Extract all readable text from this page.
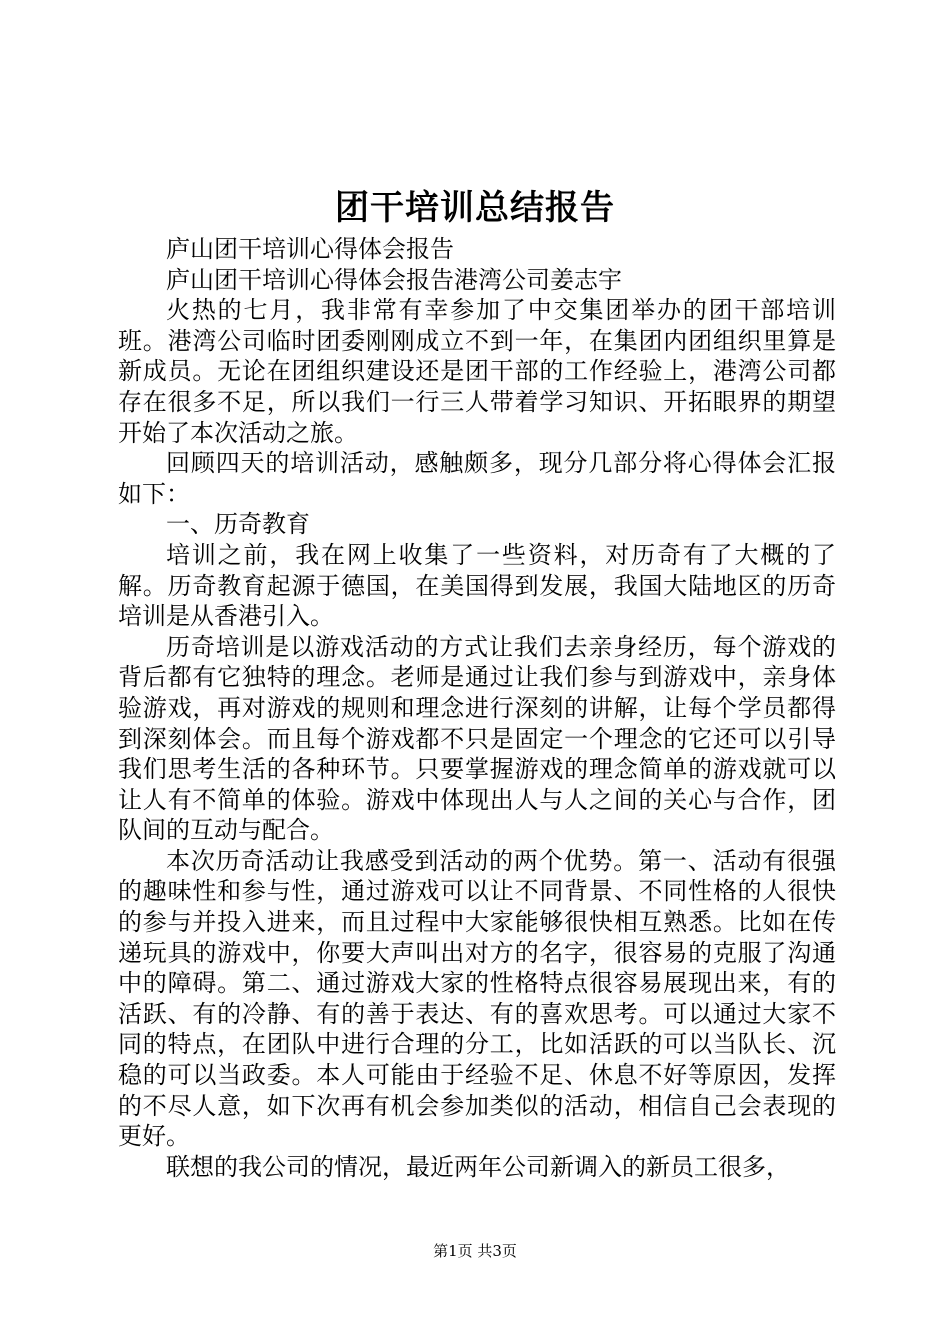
团干培训总结报告

庐山团干培训心得体会报告

庐山团干培训心得体会报告港湾公司姜志宇

火热的七月，我非常有幸参加了中交集团举办的团干部培训班。港湾公司临时团委刚刚成立不到一年，在集团内团组织里算是新成员。无论在团组织建设还是团干部的工作经验上，港湾公司都存在很多不足，所以我们一行三人带着学习知识、开拓眼界的期望开始了本次活动之旅。

回顾四天的培训活动，感触颇多，现分几部分将心得体会汇报如下：

一、历奇教育

培训之前，我在网上收集了一些资料，对历奇有了大概的了解。历奇教育起源于德国，在美国得到发展，我国大陆地区的历奇培训是从香港引入。

历奇培训是以游戏活动的方式让我们去亲身经历，每个游戏的背后都有它独特的理念。老师是通过让我们参与到游戏中，亲身体验游戏，再对游戏的规则和理念进行深刻的讲解，让每个学员都得到深刻体会。而且每个游戏都不只是固定一个理念的它还可以引导我们思考生活的各种环节。只要掌握游戏的理念简单的游戏就可以让人有不简单的体验。游戏中体现出人与人之间的关心与合作，团队间的互动与配合。

本次历奇活动让我感受到活动的两个优势。第一、活动有很强的趣味性和参与性，通过游戏可以让不同背景、不同性格的人很快的参与并投入进来，而且过程中大家能够很快相互熟悉。比如在传递玩具的游戏中，你要大声叫出对方的名字，很容易的克服了沟通中的障碍。第二、通过游戏大家的性格特点很容易展现出来，有的活跃、有的冷静、有的善于表达、有的喜欢思考。可以通过大家不同的特点，在团队中进行合理的分工，比如活跃的可以当队长、沉稳的可以当政委。本人可能由于经验不足、休息不好等原因，发挥的不尽人意，如下次再有机会参加类似的活动，相信自己会表现的更好。

联想的我公司的情况，最近两年公司新调入的新员工很多，

第1页 共3页
